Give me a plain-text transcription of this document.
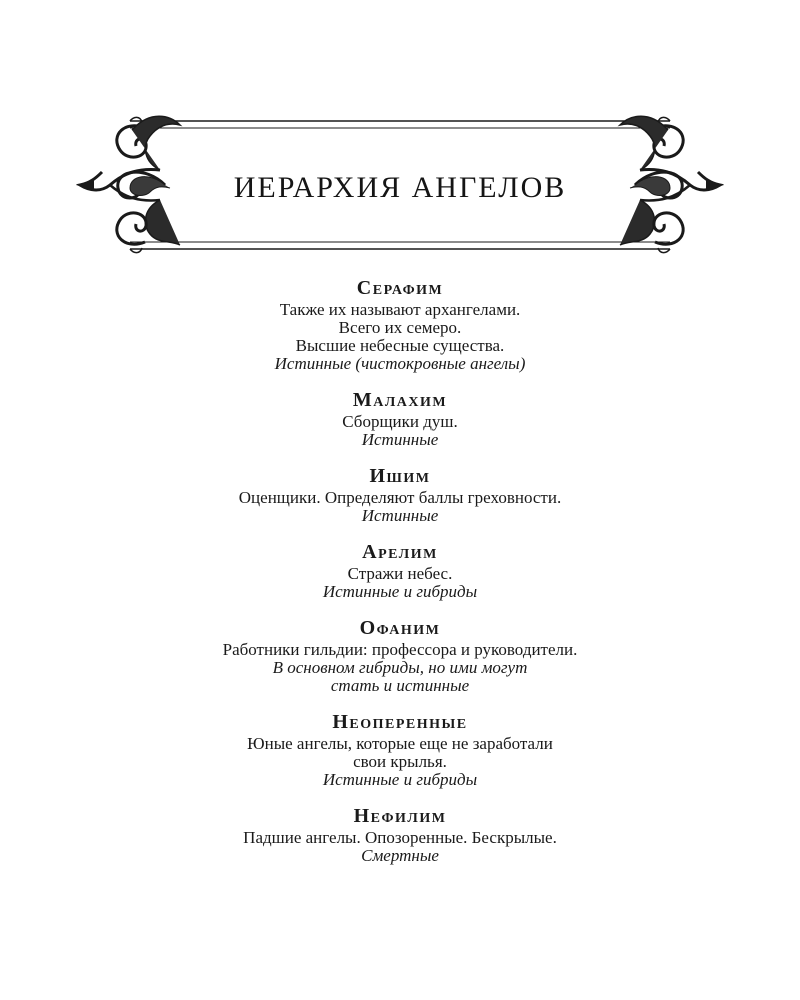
ИЕРАРХИЯ АНГЕЛОВ

Серафим

Также их называют архангелами.

Всего их семеро.

Высшие небесные существа.

Истинные (чистокровные ангелы)

Малахим

Сборщики душ.

Истинные

Ишим

Оценщики. Определяют баллы греховности.

Истинные

Арелим

Стражи небес.

Истинные и гибриды

Офаним

Работники гильдии: профессора и руководители.

В основном гибриды, но ими могут

стать и истинные

Неоперенные

Юные ангелы, которые еще не заработали

свои крылья.

Истинные и гибриды

Нефилим

Падшие ангелы. Опозоренные. Бескрылые.

Смертные
